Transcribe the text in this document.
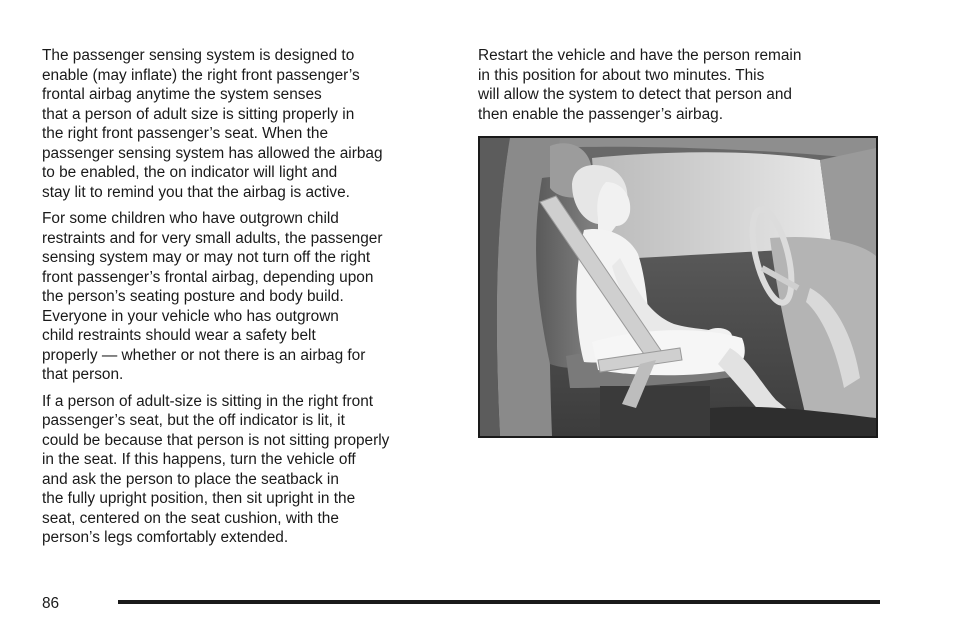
The passenger sensing system is designed to
enable (may inflate) the right front passenger’s
frontal airbag anytime the system senses
that a person of adult size is sitting properly in
the right front passenger’s seat. When the
passenger sensing system has allowed the airbag
to be enabled, the on indicator will light and
stay lit to remind you that the airbag is active.

For some children who have outgrown child
restraints and for very small adults, the passenger
sensing system may or may not turn off the right
front passenger’s frontal airbag, depending upon
the person’s seating posture and body build.
Everyone in your vehicle who has outgrown
child restraints should wear a safety belt
properly — whether or not there is an airbag for
that person.

If a person of adult-size is sitting in the right front
passenger’s seat, but the off indicator is lit, it
could be because that person is not sitting properly
in the seat. If this happens, turn the vehicle off
and ask the person to place the seatback in
the fully upright position, then sit upright in the
seat, centered on the seat cushion, with the
person’s legs comfortably extended.

Restart the vehicle and have the person remain
in this position for about two minutes. This
will allow the system to detect that person and
then enable the passenger’s airbag.

86
